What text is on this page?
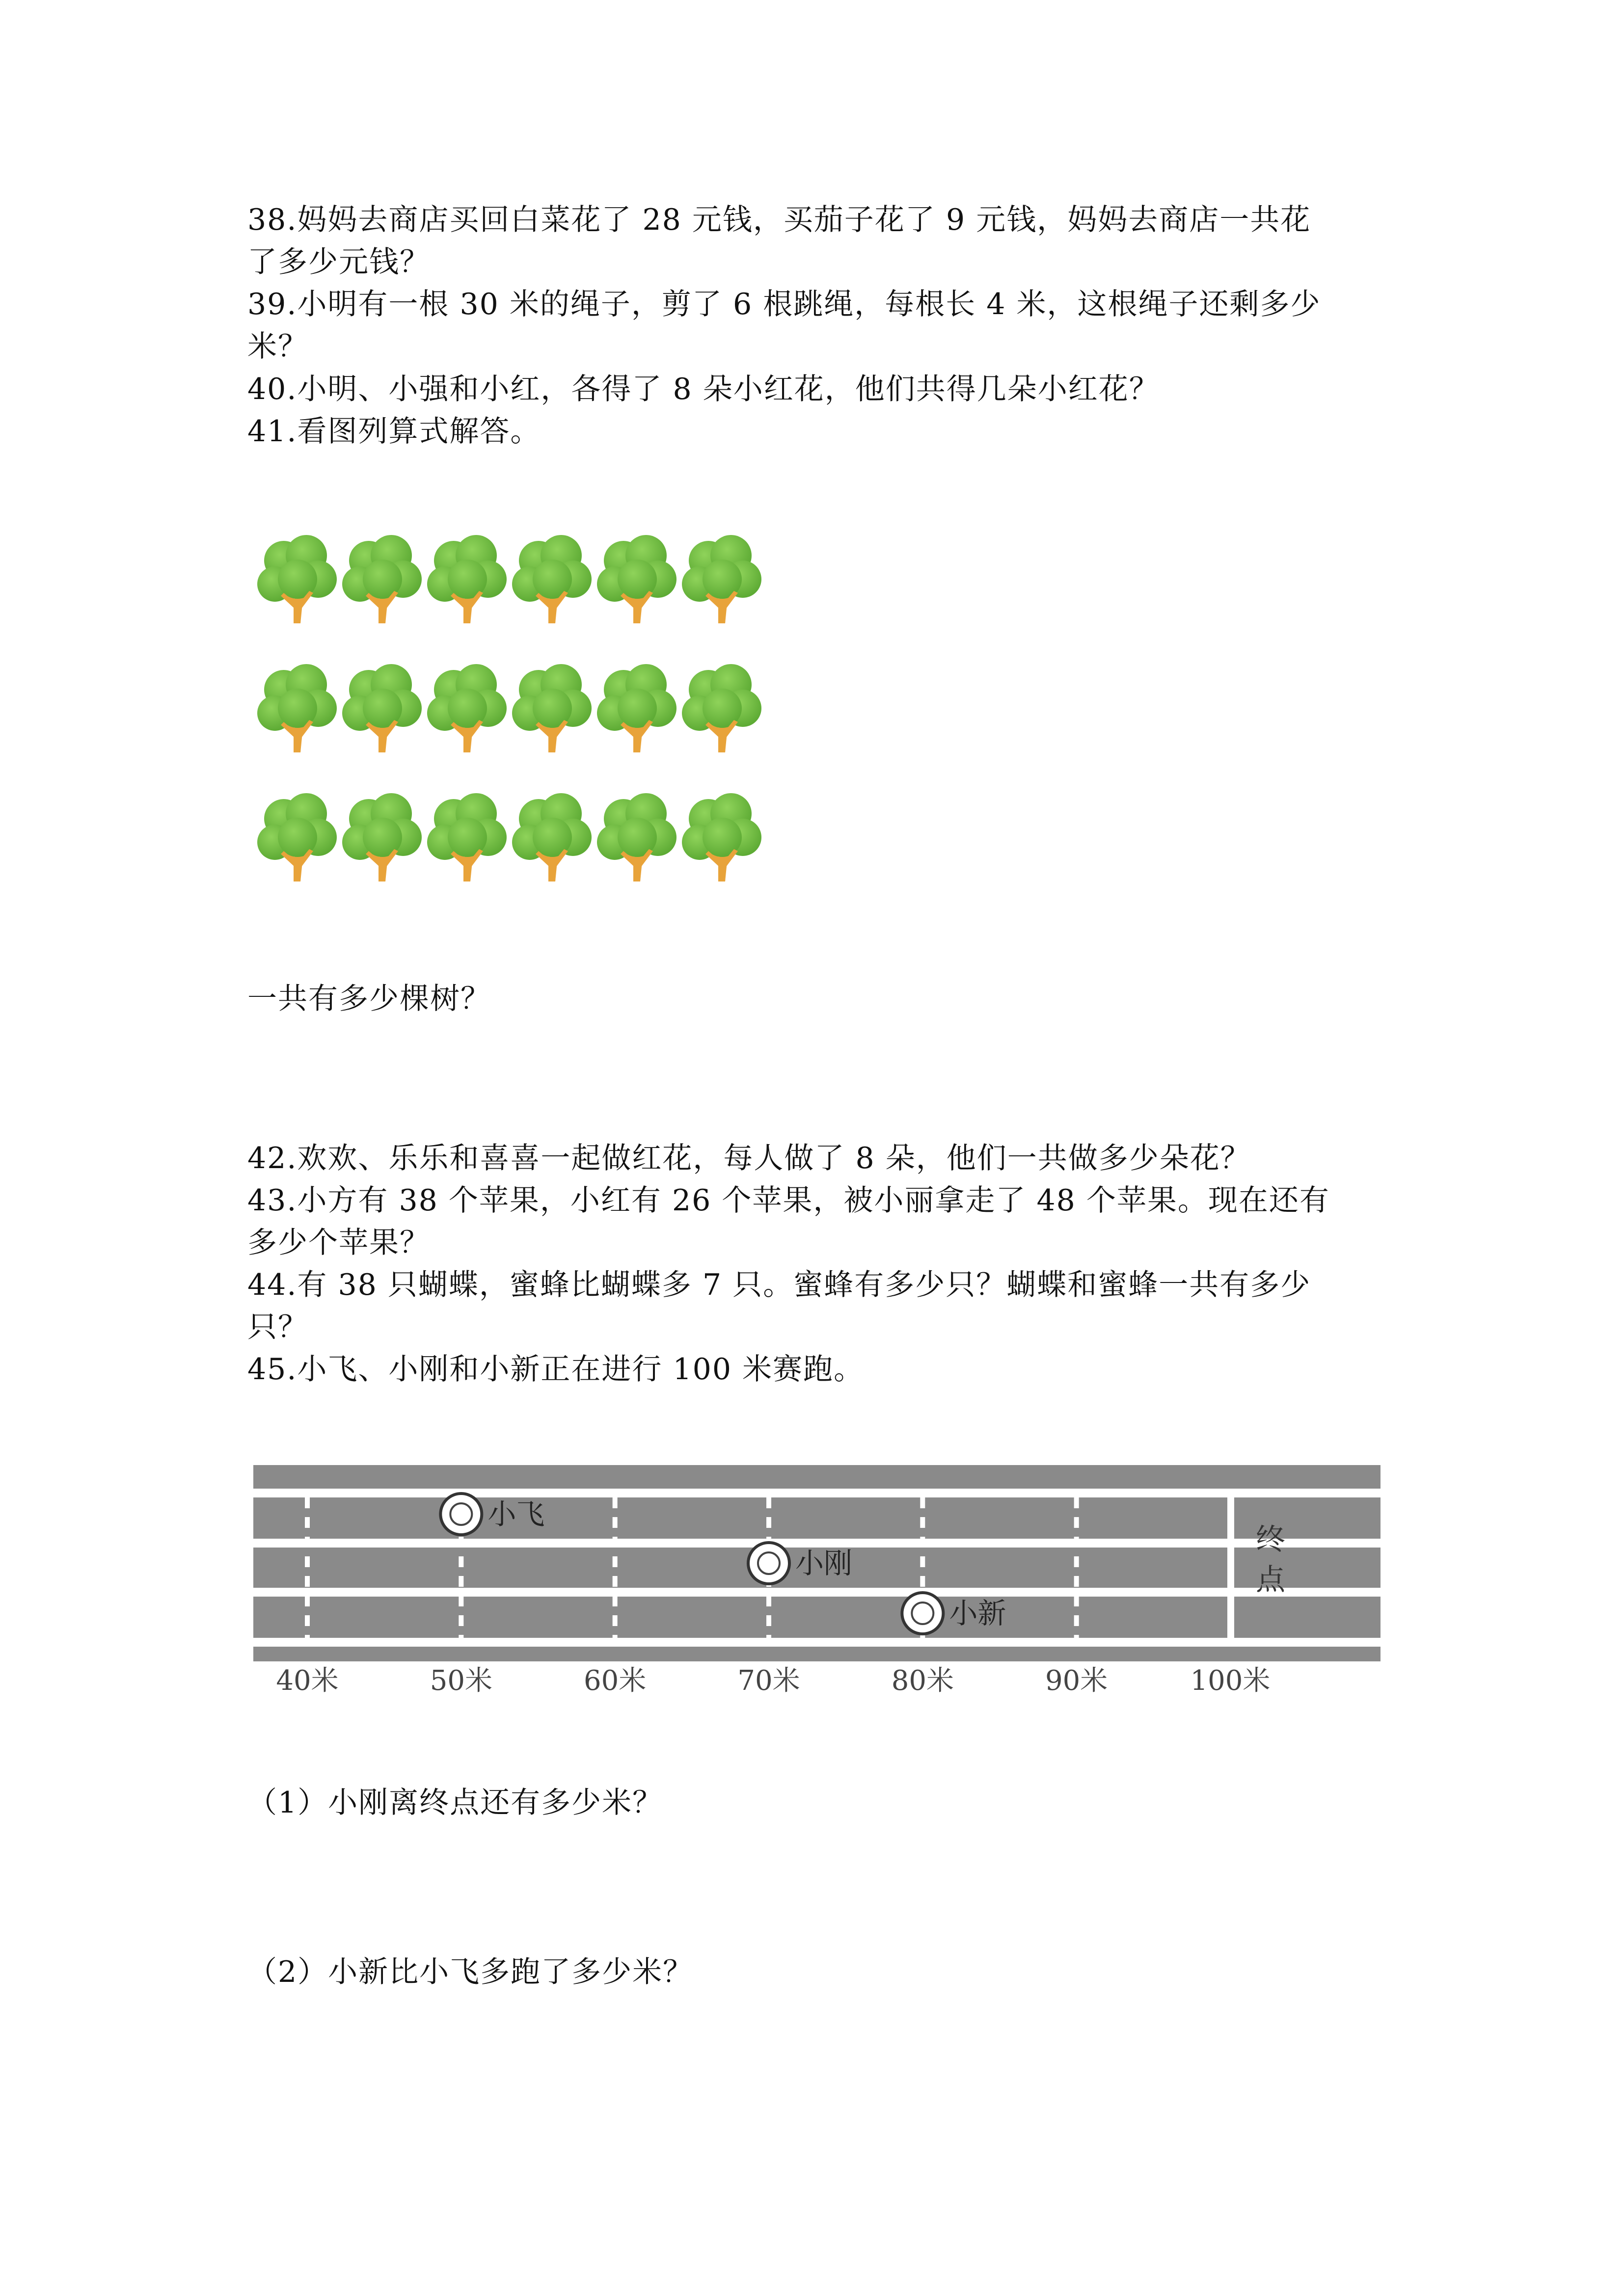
38.妈妈去商店买回白菜花了 28 元钱，买茄子花了 9 元钱，妈妈去商店一共花
了多少元钱？
39.小明有一根 30 米的绳子，剪了 6 根跳绳，每根长 4 米，这根绳子还剩多少
米？
40.小明、小强和小红，各得了 8 朵小红花，他们共得几朵小红花？
41.看图列算式解答。
一共有多少棵树？
42.欢欢、乐乐和喜喜一起做红花，每人做了 8 朵，他们一共做多少朵花？
43.小方有 38 个苹果，小红有 26 个苹果，被小丽拿走了 48 个苹果。现在还有
多少个苹果？
44.有 38 只蝴蝶，蜜蜂比蝴蝶多 7 只。蜜蜂有多少只？蝴蝶和蜜蜂一共有多少
只？
45.小飞、小刚和小新正在进行 100 米赛跑。
终
点
40米	50米	60米	70米	80米	90米	100米
小飞
小刚
小新
（1）小刚离终点还有多少米？
（2）小新比小飞多跑了多少米？
